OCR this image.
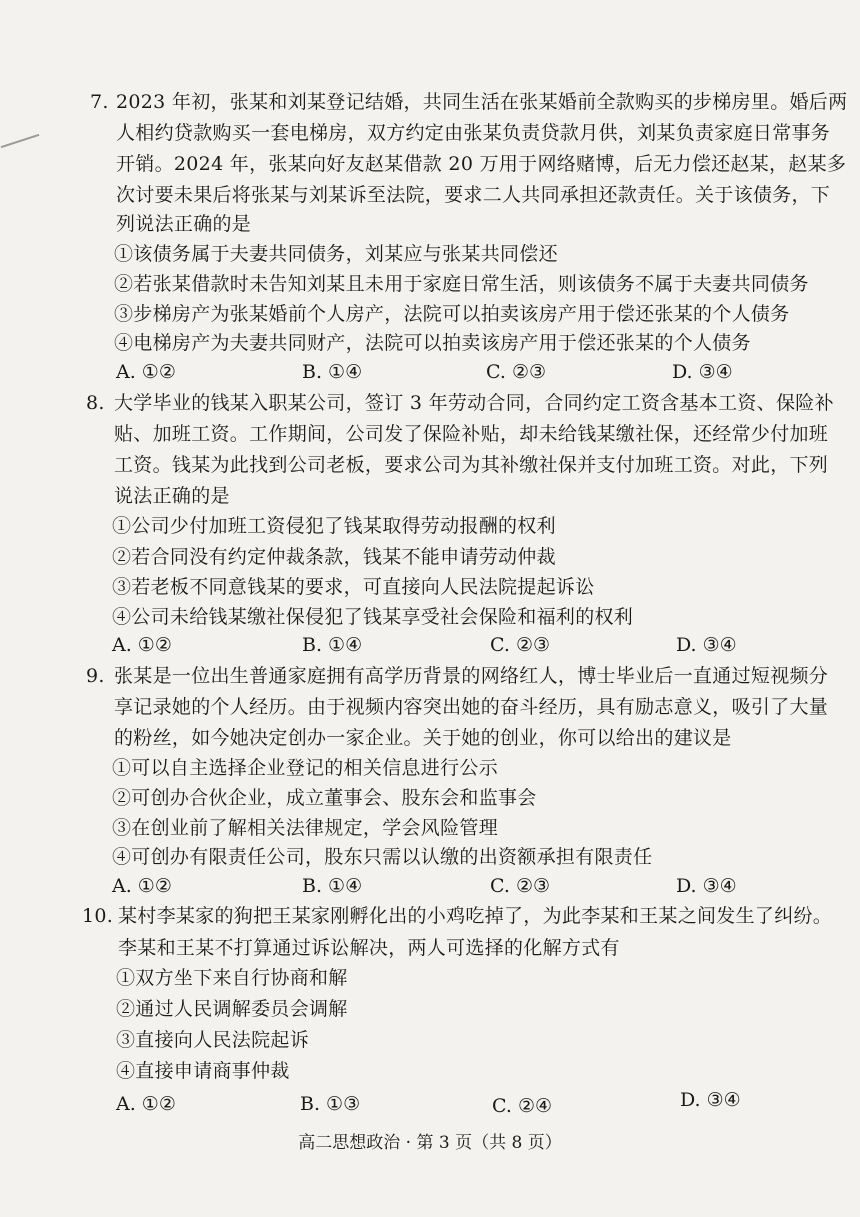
7. 2023 年初，张某和刘某登记结婚，共同生活在张某婚前全款购买的步梯房里。婚后两
人相约贷款购买一套电梯房，双方约定由张某负责贷款月供，刘某负责家庭日常事务
开销。2024 年，张某向好友赵某借款 20 万用于网络赌博，后无力偿还赵某，赵某多
次讨要未果后将张某与刘某诉至法院，要求二人共同承担还款责任。关于该债务，下
列说法正确的是
①该债务属于夫妻共同债务，刘某应与张某共同偿还
②若张某借款时未告知刘某且未用于家庭日常生活，则该债务不属于夫妻共同债务
③步梯房产为张某婚前个人房产，法院可以拍卖该房产用于偿还张某的个人债务
④电梯房产为夫妻共同财产，法院可以拍卖该房产用于偿还张某的个人债务
A. ①②	B. ①④	C. ②③	D. ③④
8. 大学毕业的钱某入职某公司，签订 3 年劳动合同，合同约定工资含基本工资、保险补
贴、加班工资。工作期间，公司发了保险补贴，却未给钱某缴社保，还经常少付加班
工资。钱某为此找到公司老板，要求公司为其补缴社保并支付加班工资。对此，下列
说法正确的是
①公司少付加班工资侵犯了钱某取得劳动报酬的权利
②若合同没有约定仲裁条款，钱某不能申请劳动仲裁
③若老板不同意钱某的要求，可直接向人民法院提起诉讼
④公司未给钱某缴社保侵犯了钱某享受社会保险和福利的权利
A. ①②	B. ①④	C. ②③	D. ③④
9. 张某是一位出生普通家庭拥有高学历背景的网络红人，博士毕业后一直通过短视频分
享记录她的个人经历。由于视频内容突出她的奋斗经历，具有励志意义，吸引了大量
的粉丝，如今她决定创办一家企业。关于她的创业，你可以给出的建议是
①可以自主选择企业登记的相关信息进行公示
②可创办合伙企业，成立董事会、股东会和监事会
③在创业前了解相关法律规定，学会风险管理
④可创办有限责任公司，股东只需以认缴的出资额承担有限责任
A. ①②	B. ①④	C. ②③	D. ③④
10. 某村李某家的狗把王某家刚孵化出的小鸡吃掉了，为此李某和王某之间发生了纠纷。
李某和王某不打算通过诉讼解决，两人可选择的化解方式有
①双方坐下来自行协商和解
②通过人民调解委员会调解
③直接向人民法院起诉
④直接申请商事仲裁
A. ①②	B. ①③	C. ②④	D. ③④
高二思想政治 · 第 3 页（共 8 页）
